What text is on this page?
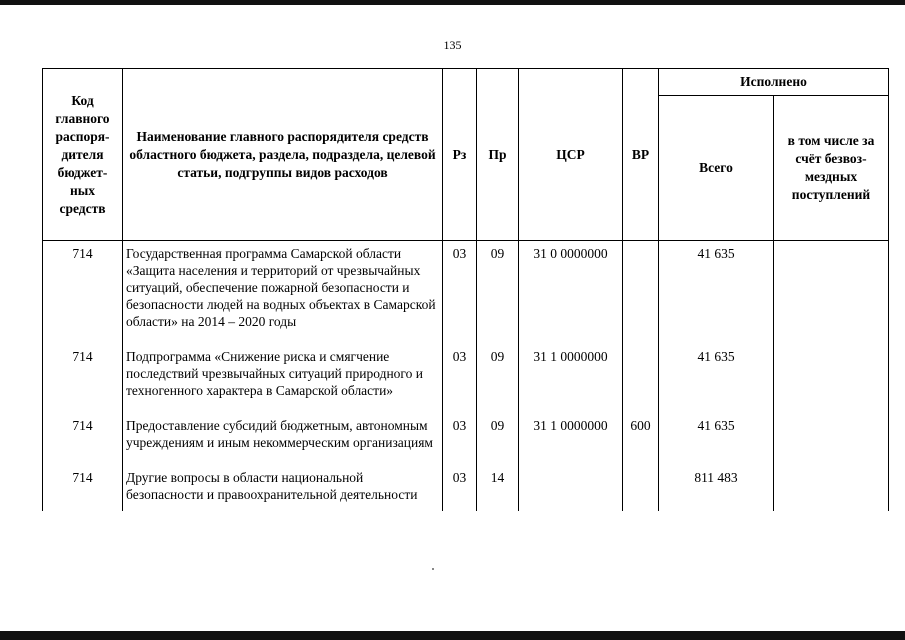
135
Код главного распоря-дителя бюджет-ных средств	Наименование главного распорядителя средств областного бюджета, раздела, подраздела, целевой статьи, подгруппы видов расходов	Рз	Пр	ЦСР	ВР	Исполнено	
						Всего	в том числе за счёт безвоз-мездных поступлений
714	Государственная программа Самарской области «Защита населения и территорий от чрезвычайных ситуаций, обеспечение пожарной безопасности и безопасности людей на водных объектах в Самарской области» на 2014 – 2020 годы	03	09	31 0 0000000		41 635	

714	Подпрограмма «Снижение риска и смягчение последствий чрезвычайных ситуаций природного и техногенного характера в Самарской области»	03	09	31 1 0000000		41 635	

714	Предоставление субсидий бюджетным, автономным учреждениям и иным некоммерческим организациям	03	09	31 1 0000000	600	41 635	

714	Другие вопросы в области национальной безопасности и правоохранительной деятельности	03	14			811 483	
